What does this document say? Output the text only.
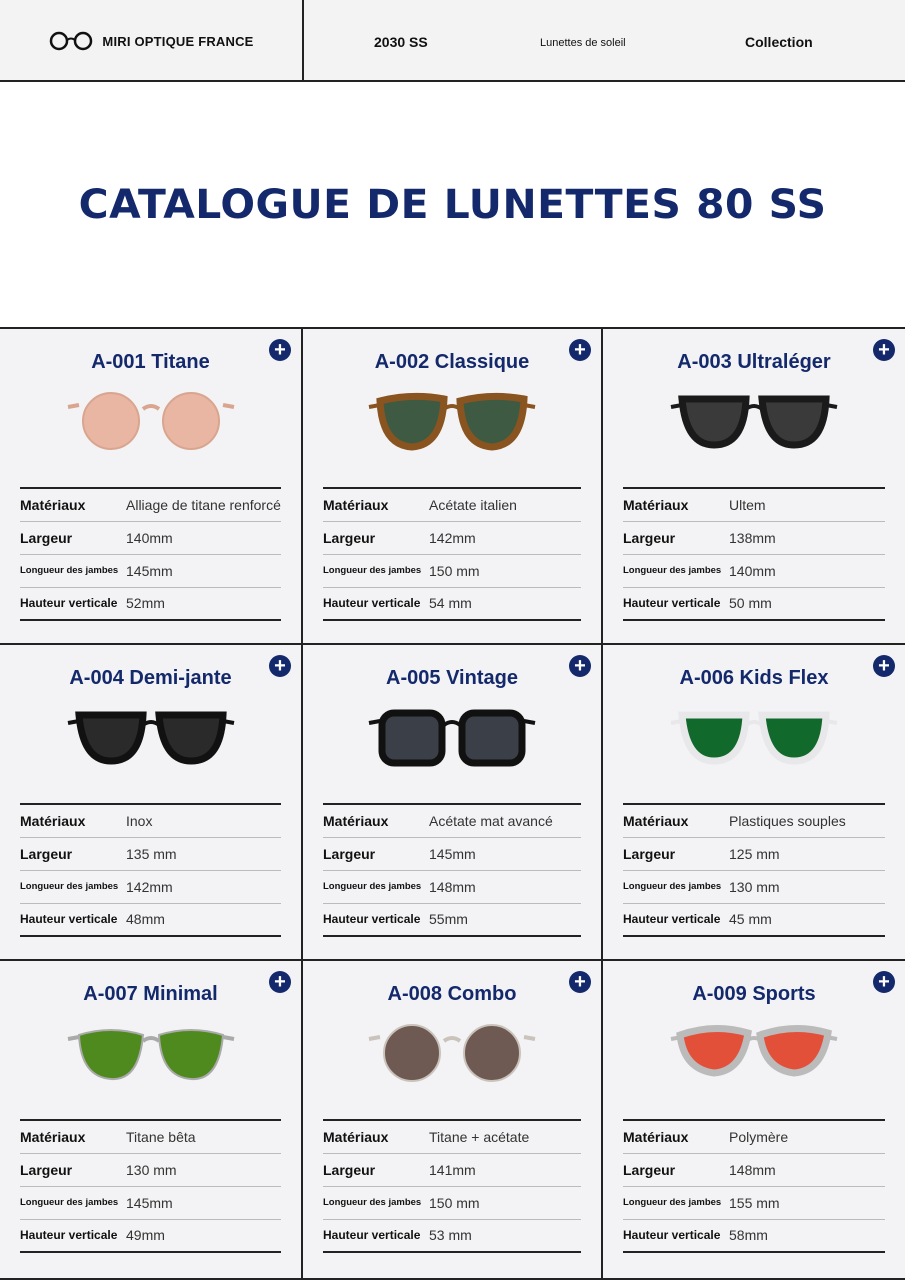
MIRI OPTIQUE FRANCE	2030 SS	Lunettes de soleil	Collection
CATALOGUE DE LUNETTES 80 SS
A-001 Titane
+
Matériaux	Alliage de titane renforcé
Largeur	140mm
Longueur des jambes	145mm
Hauteur verticale	52mm
A-002 Classique
+
Matériaux	Acétate italien
Largeur	142mm
Longueur des jambes	150 mm
Hauteur verticale	54 mm
A-003 Ultraléger
+
Matériaux	Ultem
Largeur	138mm
Longueur des jambes	140mm
Hauteur verticale	50 mm
A-004 Demi-jante
+
Matériaux	Inox
Largeur	135 mm
Longueur des jambes	142mm
Hauteur verticale	48mm
A-005 Vintage
+
Matériaux	Acétate mat avancé
Largeur	145mm
Longueur des jambes	148mm
Hauteur verticale	55mm
A-006 Kids Flex
+
Matériaux	Plastiques souples
Largeur	125 mm
Longueur des jambes	130 mm
Hauteur verticale	45 mm
A-007 Minimal
+
Matériaux	Titane bêta
Largeur	130 mm
Longueur des jambes	145mm
Hauteur verticale	49mm
A-008 Combo
+
Matériaux	Titane + acétate
Largeur	141mm
Longueur des jambes	150 mm
Hauteur verticale	53 mm
A-009 Sports
+
Matériaux	Polymère
Largeur	148mm
Longueur des jambes	155 mm
Hauteur verticale	58mm
